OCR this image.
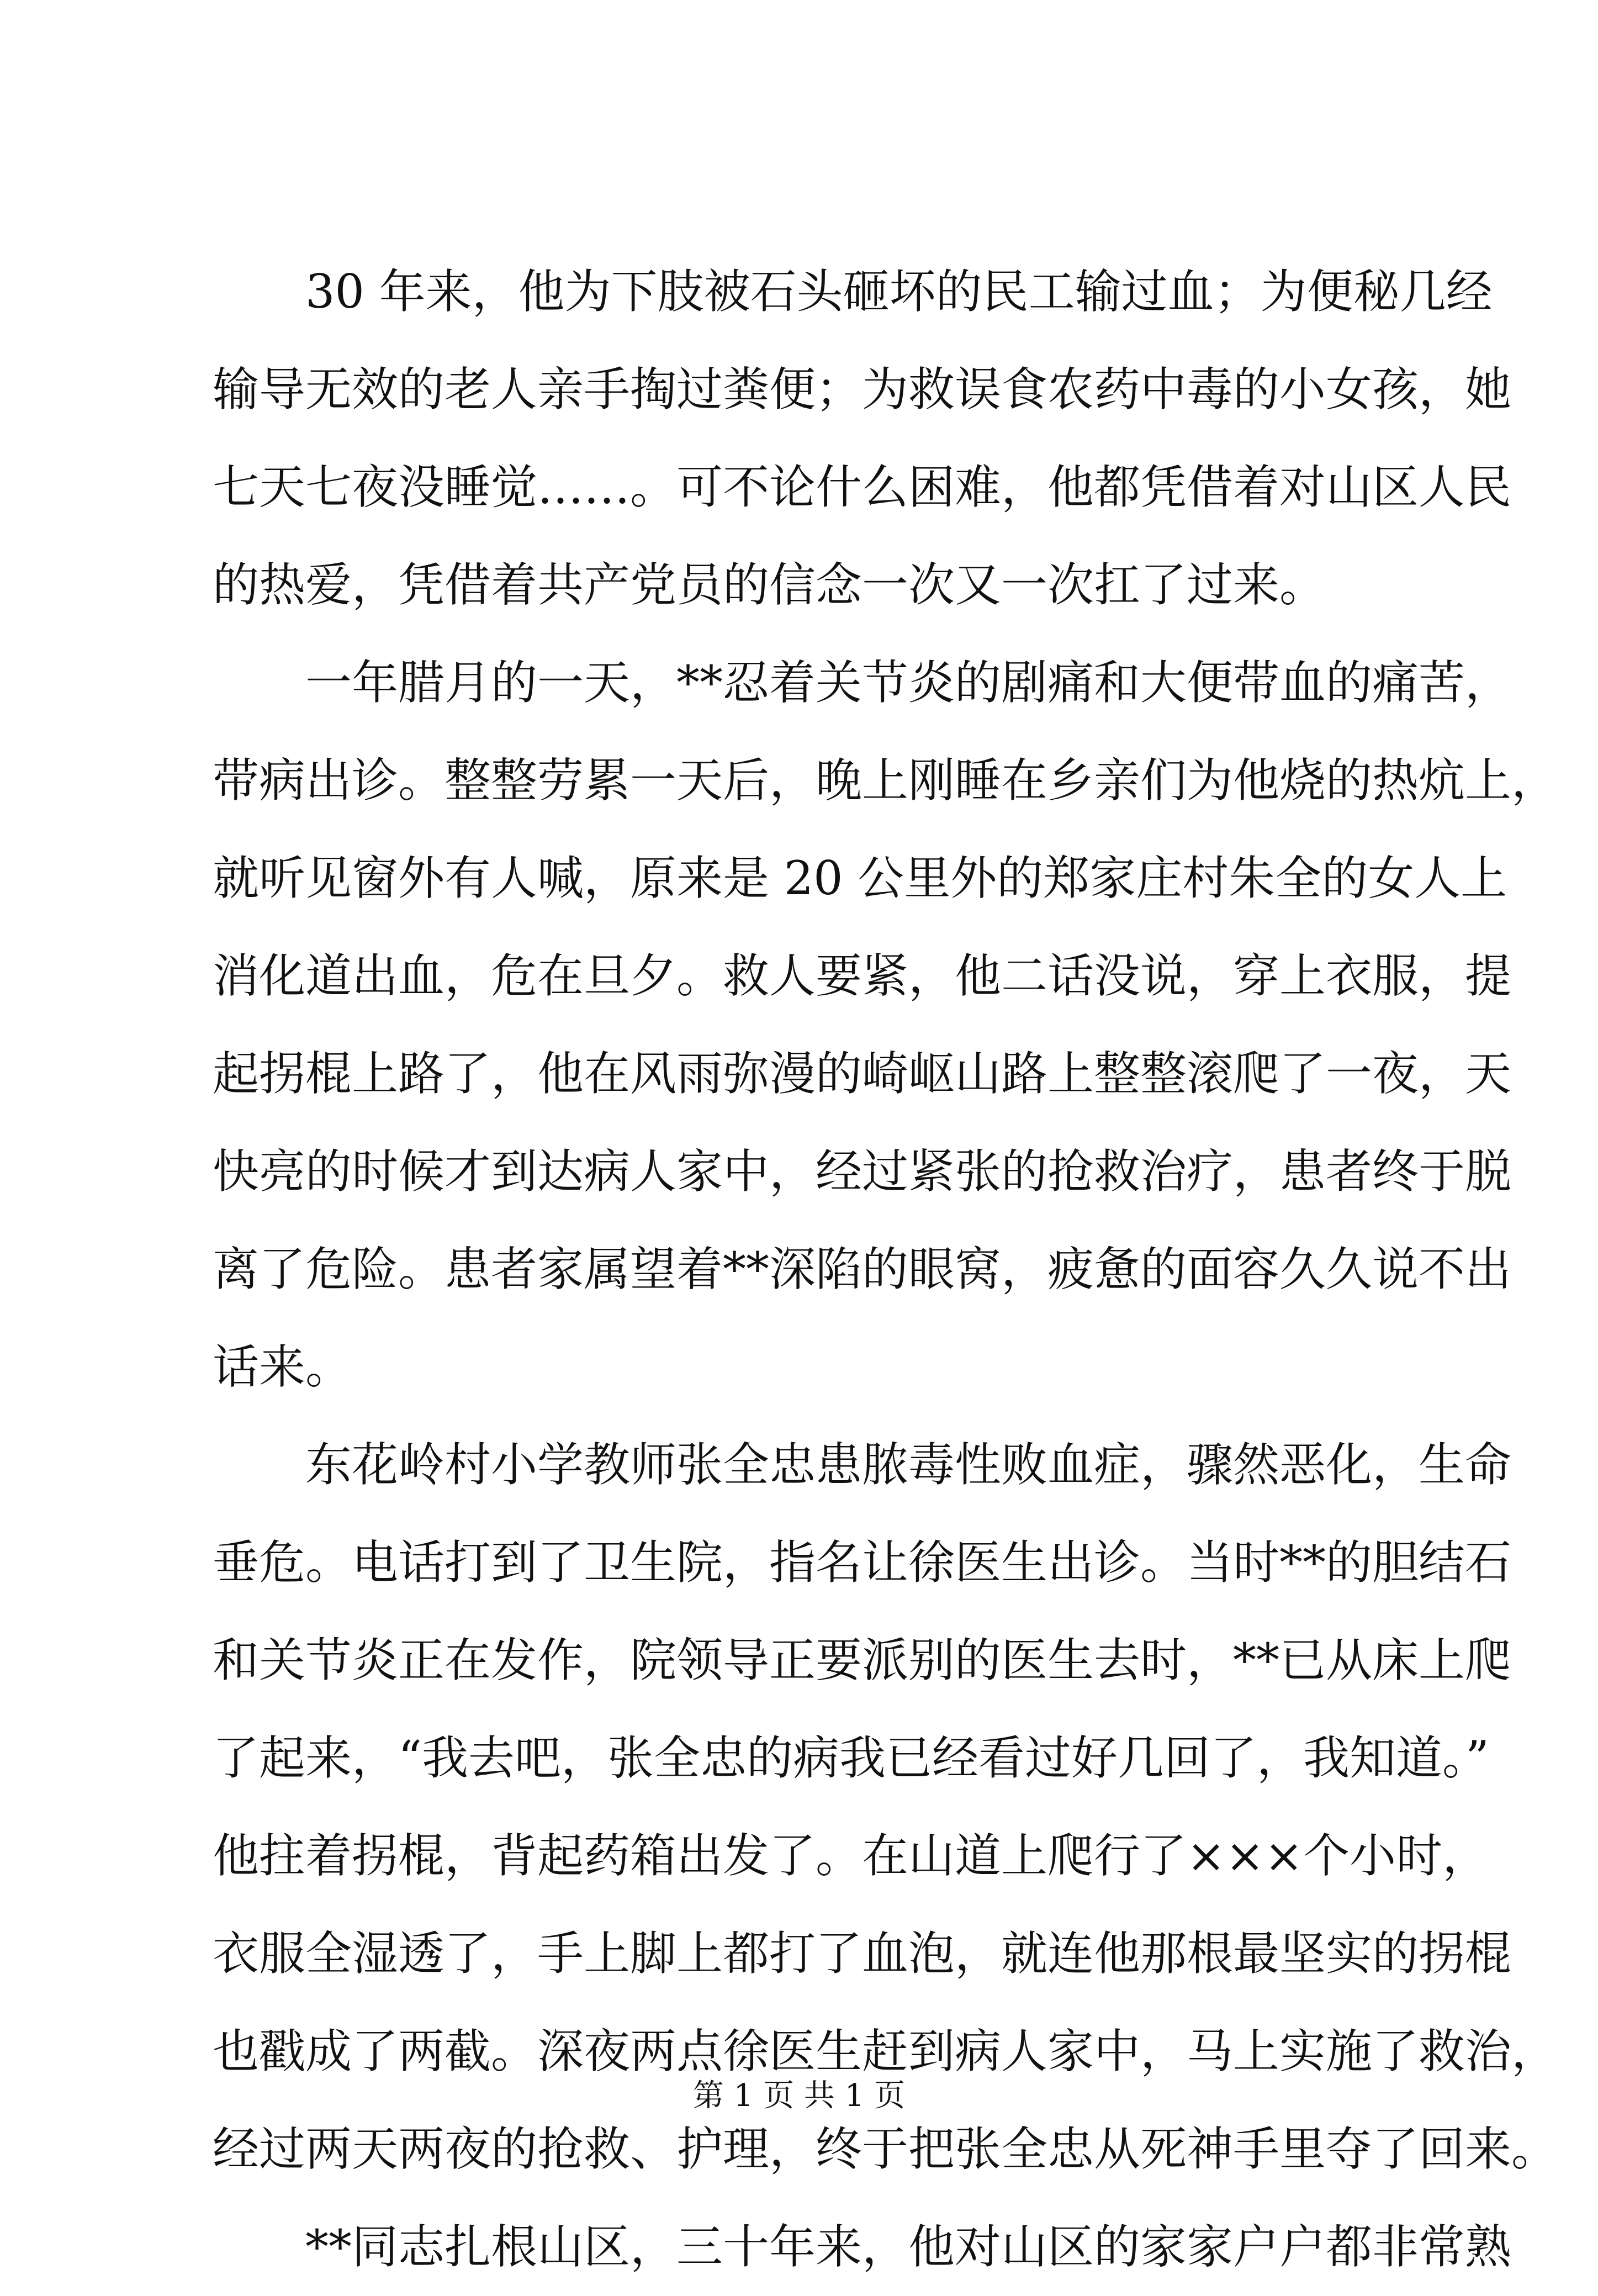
30 年来，他为下肢被石头砸坏的民工输过血；为便秘几经
输导无效的老人亲手掏过粪便；为救误食农药中毒的小女孩，她
七天七夜没睡觉……。可不论什么困难，他都凭借着对山区人民
的热爱，凭借着共产党员的信念一次又一次扛了过来。
一年腊月的一天，**忍着关节炎的剧痛和大便带血的痛苦，
带病出诊。整整劳累一天后，晚上刚睡在乡亲们为他烧的热炕上，
就听见窗外有人喊，原来是 20 公里外的郑家庄村朱全的女人上
消化道出血，危在旦夕。救人要紧，他二话没说，穿上衣服，提
起拐棍上路了，他在风雨弥漫的崎岖山路上整整滚爬了一夜，天
快亮的时候才到达病人家中，经过紧张的抢救治疗，患者终于脱
离了危险。患者家属望着**深陷的眼窝，疲惫的面容久久说不出
话来。
东花岭村小学教师张全忠患脓毒性败血症，骤然恶化，生命
垂危。电话打到了卫生院，指名让徐医生出诊。当时**的胆结石
和关节炎正在发作，院领导正要派别的医生去时，**已从床上爬
了起来，“我去吧，张全忠的病我已经看过好几回了，我知道。”
他拄着拐棍，背起药箱出发了。在山道上爬行了×××个小时，
衣服全湿透了，手上脚上都打了血泡，就连他那根最坚实的拐棍
也戳成了两截。深夜两点徐医生赶到病人家中，马上实施了救治，
经过两天两夜的抢救、护理，终于把张全忠从死神手里夺了回来。
**同志扎根山区，三十年来，他对山区的家家户户都非常熟
第 1 页 共 1 页
